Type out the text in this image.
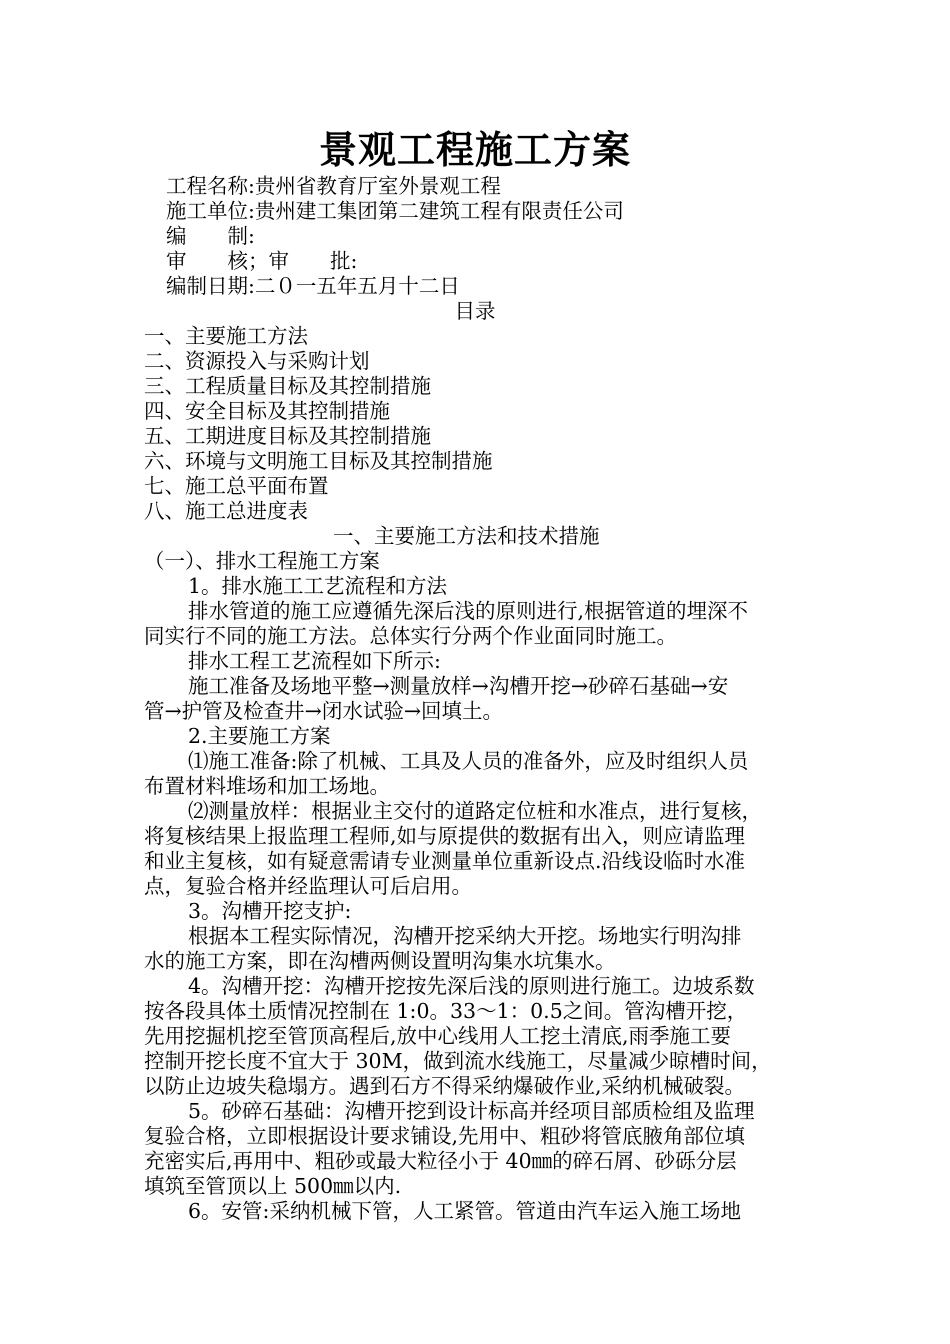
景观工程施工方案
工程名称:贵州省教育厅室外景观工程
施工单位:贵州建工集团第二建筑工程有限责任公司
编　　制:
审　　核；审　　批:
编制日期:二０一五年五月十二日
目录
一、主要施工方法
二、资源投入与采购计划
三、工程质量目标及其控制措施
四、安全目标及其控制措施
五、工期进度目标及其控制措施
六、环境与文明施工目标及其控制措施
七、施工总平面布置
八、施工总进度表
一、主要施工方法和技术措施
（一）、排水工程施工方案
1。排水施工工艺流程和方法
排水管道的施工应遵循先深后浅的原则进行,根据管道的埋深不
同实行不同的施工方法。总体实行分两个作业面同时施工。
排水工程工艺流程如下所示:
施工准备及场地平整→测量放样→沟槽开挖→砂碎石基础→安
管→护管及检查井→闭水试验→回填土。
2.主要施工方案
⑴施工准备:除了机械、工具及人员的准备外，应及时组织人员
布置材料堆场和加工场地。
⑵测量放样：根据业主交付的道路定位桩和水准点，进行复核，
将复核结果上报监理工程师,如与原提供的数据有出入，则应请监理
和业主复核，如有疑意需请专业测量单位重新设点.沿线设临时水准
点，复验合格并经监理认可后启用。
3。沟槽开挖支护:
根据本工程实际情况，沟槽开挖采纳大开挖。场地实行明沟排
水的施工方案，即在沟槽两侧设置明沟集水坑集水。
4。沟槽开挖：沟槽开挖按先深后浅的原则进行施工。边坡系数
按各段具体土质情况控制在 1:0。33～1：0.5之间。管沟槽开挖，
先用挖掘机挖至管顶高程后,放中心线用人工挖土清底,雨季施工要
控制开挖长度不宜大于 30M，做到流水线施工，尽量减少晾槽时间，
以防止边坡失稳塌方。遇到石方不得采纳爆破作业,采纳机械破裂。
5。砂碎石基础：沟槽开挖到设计标高并经项目部质检组及监理
复验合格，立即根据设计要求铺设,先用中、粗砂将管底腋角部位填
充密实后,再用中、粗砂或最大粒径小于 40㎜的碎石屑、砂砾分层
填筑至管顶以上 500㎜以内.
6。安管:采纳机械下管，人工紧管。管道由汽车运入施工场地
